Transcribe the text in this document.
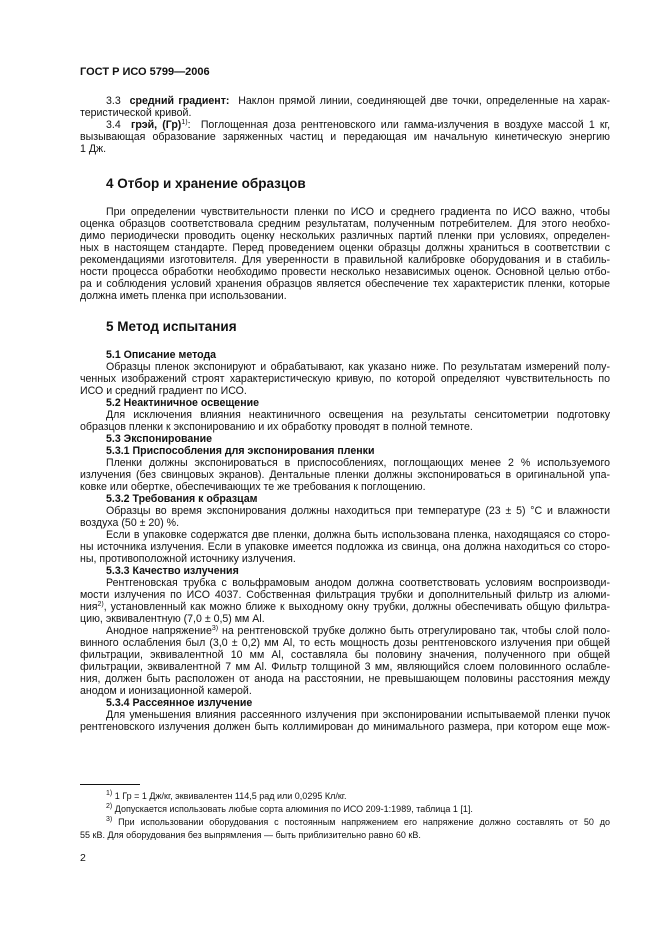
ГОСТ Р ИСО 5799—2006
3.3 средний градиент: Наклон прямой линии, соединяющей две точки, определенные на харак-
теристической кривой.
3.4 грэй, (Гр)$^{1)}$: Поглощенная доза рентгеновского или гамма-излучения в воздухе массой 1 кг,
вызывающая образование заряженных частиц и передающая им начальную кинетическую энергию
1 Дж.
4 Отбор и хранение образцов
При определении чувствительности пленки по ИСО и среднего градиента по ИСО важно, чтобы
оценка образцов соответствовала средним результатам, полученным потребителем. Для этого необхо-
димо периодически проводить оценку нескольких различных партий пленки при условиях, определен-
ных в настоящем стандарте. Перед проведением оценки образцы должны храниться в соответствии с
рекомендациями изготовителя. Для уверенности в правильной калибровке оборудования и в стабиль-
ности процесса обработки необходимо провести несколько независимых оценок. Основной целью отбо-
ра и соблюдения условий хранения образцов является обеспечение тех характеристик пленки, которые
должна иметь пленка при использовании.
5 Метод испытания
5.1 Описание метода
Образцы пленок экспонируют и обрабатывают, как указано ниже. По результатам измерений полу-
ченных изображений строят характеристическую кривую, по которой определяют чувствительность по
ИСО и средний градиент по ИСО.
5.2 Неактиничное освещение
Для исключения влияния неактиничного освещения на результаты сенситометрии подготовку
образцов пленки к экспонированию и их обработку проводят в полной темноте.
5.3 Экспонирование
5.3.1 Приспособления для экспонирования пленки
Пленки должны экспонироваться в приспособлениях, поглощающих менее 2 % используемого
излучения (без свинцовых экранов). Дентальные пленки должны экспонироваться в оригинальной упа-
ковке или обертке, обеспечивающих те же требования к поглощению.
5.3.2 Требования к образцам
Образцы во время экспонирования должны находиться при температуре (23 ± 5) °С и влажности
воздуха (50 ± 20) %.
Если в упаковке содержатся две пленки, должна быть использована пленка, находящаяся со сторо-
ны источника излучения. Если в упаковке имеется подложка из свинца, она должна находиться со сторо-
ны, противоположной источнику излучения.
5.3.3 Качество излучения
Рентгеновская трубка с вольфрамовым анодом должна соответствовать условиям воспроизводи-
мости излучения по ИСО 4037. Собственная фильтрация трубки и дополнительный фильтр из алюми-
ния$^{2)}$, установленный как можно ближе к выходному окну трубки, должны обеспечивать общую фильтра-
цию, эквивалентную (7,0 ± 0,5) мм Al.
Анодное напряжение$^{3)}$ на рентгеновской трубке должно быть отрегулировано так, чтобы слой поло-
винного ослабления был (3,0 ± 0,2) мм Al, то есть мощность дозы рентгеновского излучения при общей
фильтрации, эквивалентной 10 мм Al, составляла бы половину значения, полученного при общей
фильтрации, эквивалентной 7 мм Al. Фильтр толщиной 3 мм, являющийся слоем половинного ослабле-
ния, должен быть расположен от анода на расстоянии, не превышающем половины расстояния между
анодом и ионизационной камерой.
5.3.4 Рассеянное излучение
Для уменьшения влияния рассеянного излучения при экспонировании испытываемой пленки пучок
рентгеновского излучения должен быть коллимирован до минимального размера, при котором еще мож-
$^{1)}$ 1 Гр = 1 Дж/кг, эквивалентен 114,5 рад или 0,0295 Кл/кг.
$^{2)}$ Допускается использовать любые сорта алюминия по ИСО 209-1:1989, таблица 1 [1].
$^{3)}$ При использовании оборудования с постоянным напряжением его напряжение должно составлять от 50 до
55 кВ. Для оборудования без выпрямления — быть приблизительно равно 60 кВ.
2
